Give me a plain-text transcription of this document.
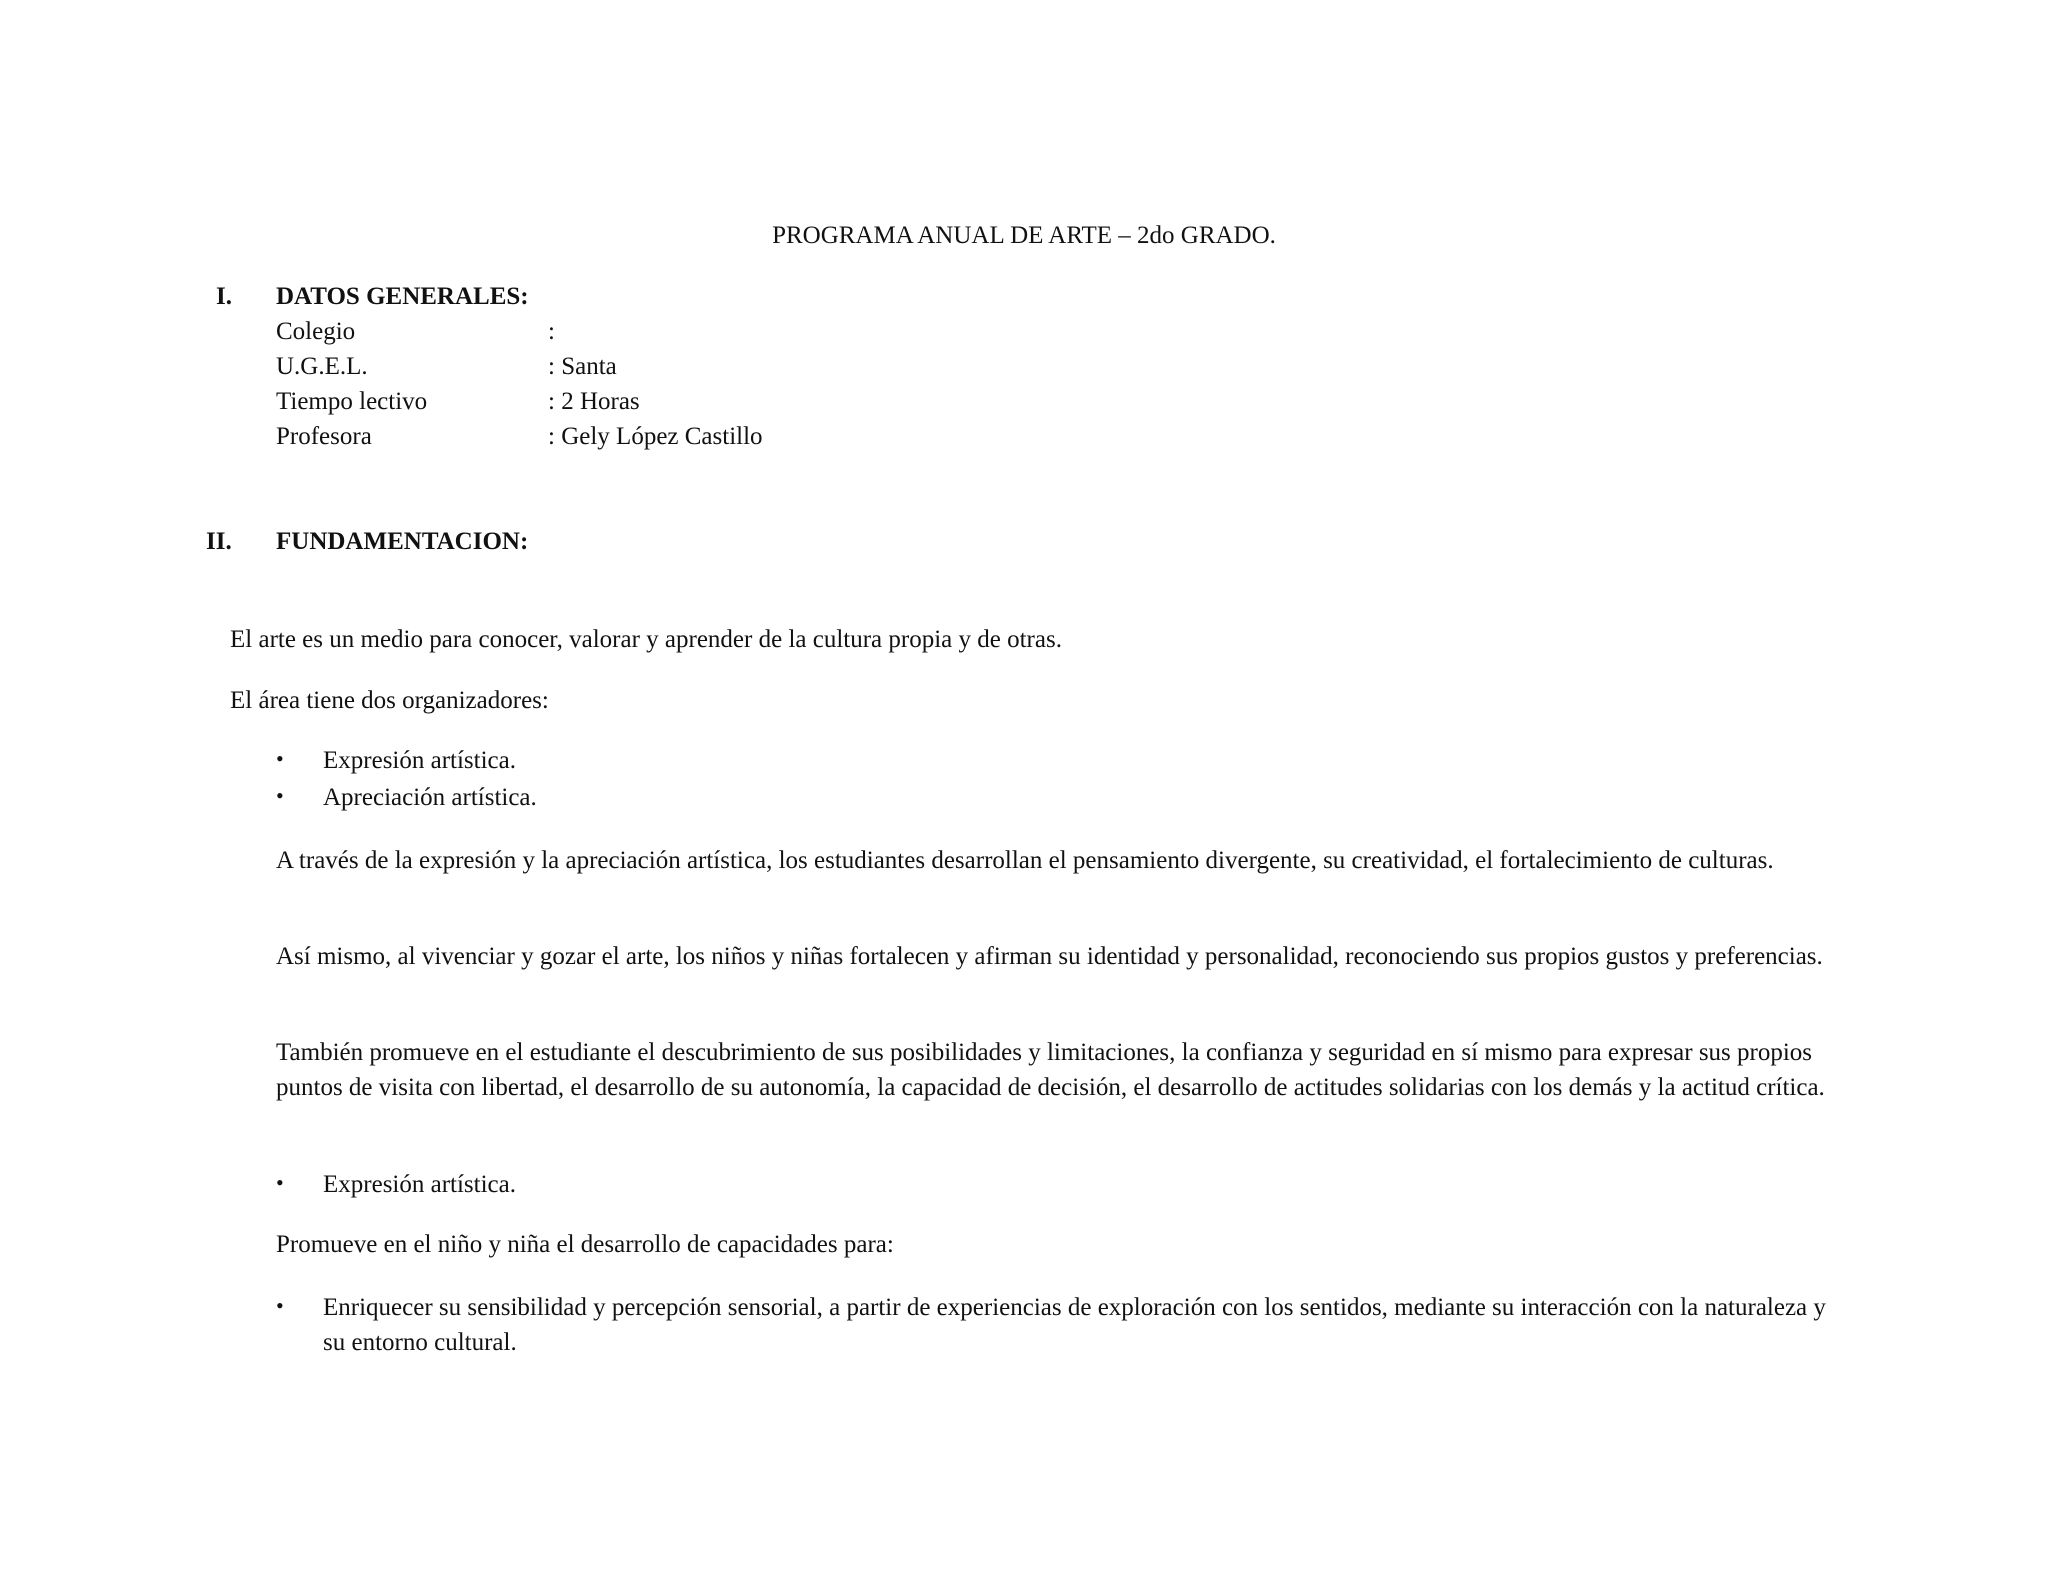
PROGRAMA ANUAL DE ARTE – 2do GRADO.
I. DATOS GENERALES:
Colegio	:
U.G.E.L.	: Santa
Tiempo lectivo	: 2 Horas
Profesora	: Gely López Castillo
II. FUNDAMENTACION:
El arte es un medio para conocer, valorar y aprender de la cultura propia y de otras.
El área tiene dos organizadores:
• Expresión artística.
• Apreciación artística.

A través de la expresión y la apreciación artística, los estudiantes desarrollan el pensamiento divergente, su creatividad, el fortalecimiento de culturas.

Así mismo, al vivenciar y gozar el arte, los niños y niñas fortalecen y afirman su identidad y personalidad, reconociendo sus propios gustos y preferencias.

También promueve en el estudiante el descubrimiento de sus posibilidades y limitaciones, la confianza y seguridad en sí mismo para expresar sus propios puntos de visita con libertad, el desarrollo de su autonomía, la capacidad de decisión, el desarrollo de actitudes solidarias con los demás y la actitud crítica.

• Expresión artística.
Promueve en el niño y niña el desarrollo de capacidades para:
• Enriquecer su sensibilidad y percepción sensorial, a partir de experiencias de exploración con los sentidos, mediante su interacción con la naturaleza y su entorno cultural.
